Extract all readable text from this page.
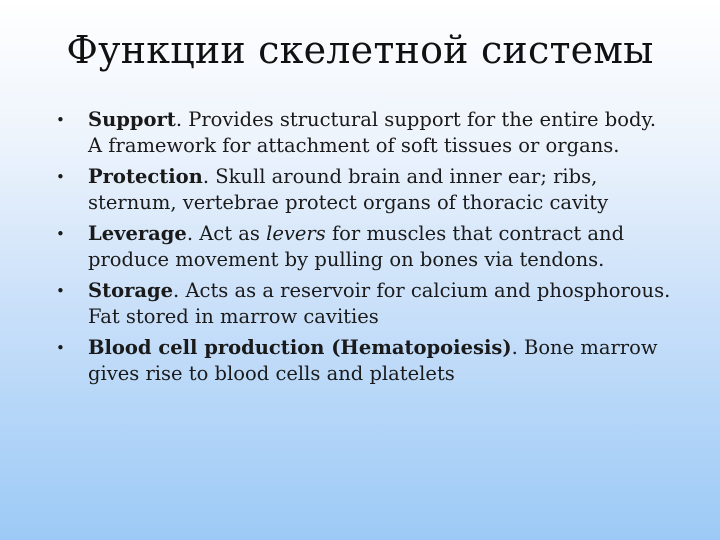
Функции скелетной системы
•	Support. Provides structural support for the entire body. A framework for attachment of soft tissues or organs.
•	Protection. Skull around brain and inner ear; ribs, sternum, vertebrae protect organs of thoracic cavity
•	Leverage. Act as levers for muscles that contract and produce movement by pulling on bones via tendons.
•	Storage. Acts as a reservoir for calcium and phosphorous. Fat stored in marrow cavities
•	Blood cell production (Hematopoiesis). Bone marrow gives rise to blood cells and platelets
